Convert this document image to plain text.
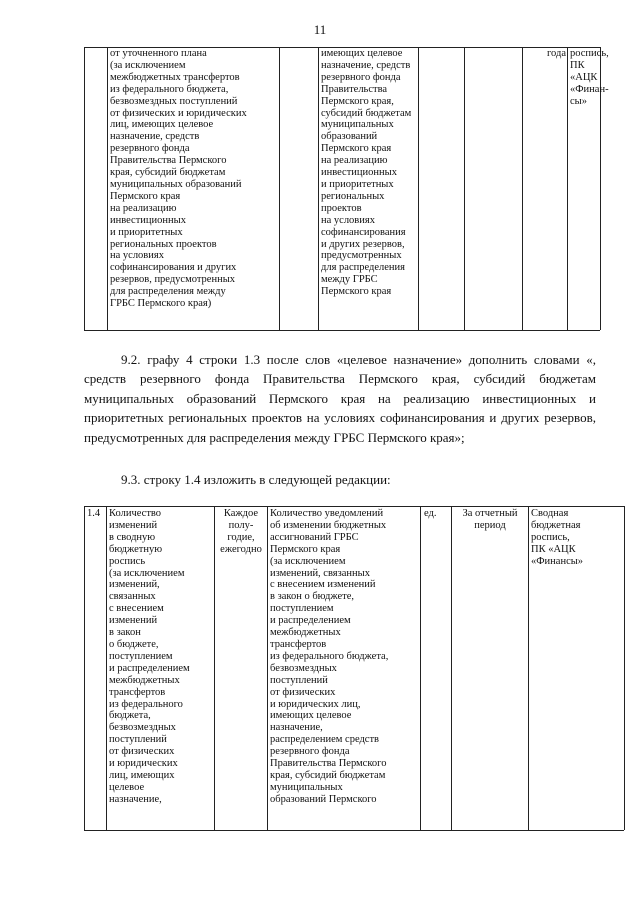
11
от уточненного плана
(за исключением
межбюджетных трансфертов
из федерального бюджета,
безвозмездных поступлений
от физических и юридических
лиц, имеющих целевое
назначение, средств
резервного фонда
Правительства Пермского
края, субсидий бюджетам
муниципальных образований
Пермского края
на реализацию
инвестиционных
и приоритетных
региональных проектов
на условиях
софинансирования и других
резервов, предусмотренных
для распределения между
ГРБС Пермского края)
имеющих целевое
назначение, средств
резервного фонда
Правительства
Пермского края,
субсидий бюджетам
муниципальных
образований
Пермского края
на реализацию
инвестиционных
и приоритетных
региональных
проектов
на условиях
софинансирования
и других резервов,
предусмотренных
для распределения
между ГРБС
Пермского края
года роспись,
ПК
«АЦК
«Финан-
сы»
9.2. графу 4 строки 1.3 после слов «целевое назначение» дополнить словами «, средств резервного фонда Правительства Пермского края, субсидий бюджетам муниципальных образований Пермского края на реализацию инвестиционных и приоритетных региональных проектов на условиях софинансирования и других резервов, предусмотренных для распределения между ГРБС Пермского края»;
9.3. строку 1.4 изложить в следующей редакции:
1.4 Количество
изменений
в сводную
бюджетную
роспись
(за исключением
изменений,
связанных
с внесением
изменений
в закон
о бюджете,
поступлением
и распределением
межбюджетных
трансфертов
из федерального
бюджета,
безвозмездных
поступлений
от физических
и юридических
лиц, имеющих
целевое
назначение,
Каждое
полу-
годие,
ежегодно
Количество уведомлений
об изменении бюджетных
ассигнований ГРБС
Пермского края
(за исключением
изменений, связанных
с внесением изменений
в закон о бюджете,
поступлением
и распределением
межбюджетных
трансфертов
из федерального бюджета,
безвозмездных
поступлений
от физических
и юридических лиц,
имеющих целевое
назначение,
распределением средств
резервного фонда
Правительства Пермского
края, субсидий бюджетам
муниципальных
образований Пермского
ед.	За отчетный
период
Сводная
бюджетная
роспись,
ПК «АЦК
«Финансы»
